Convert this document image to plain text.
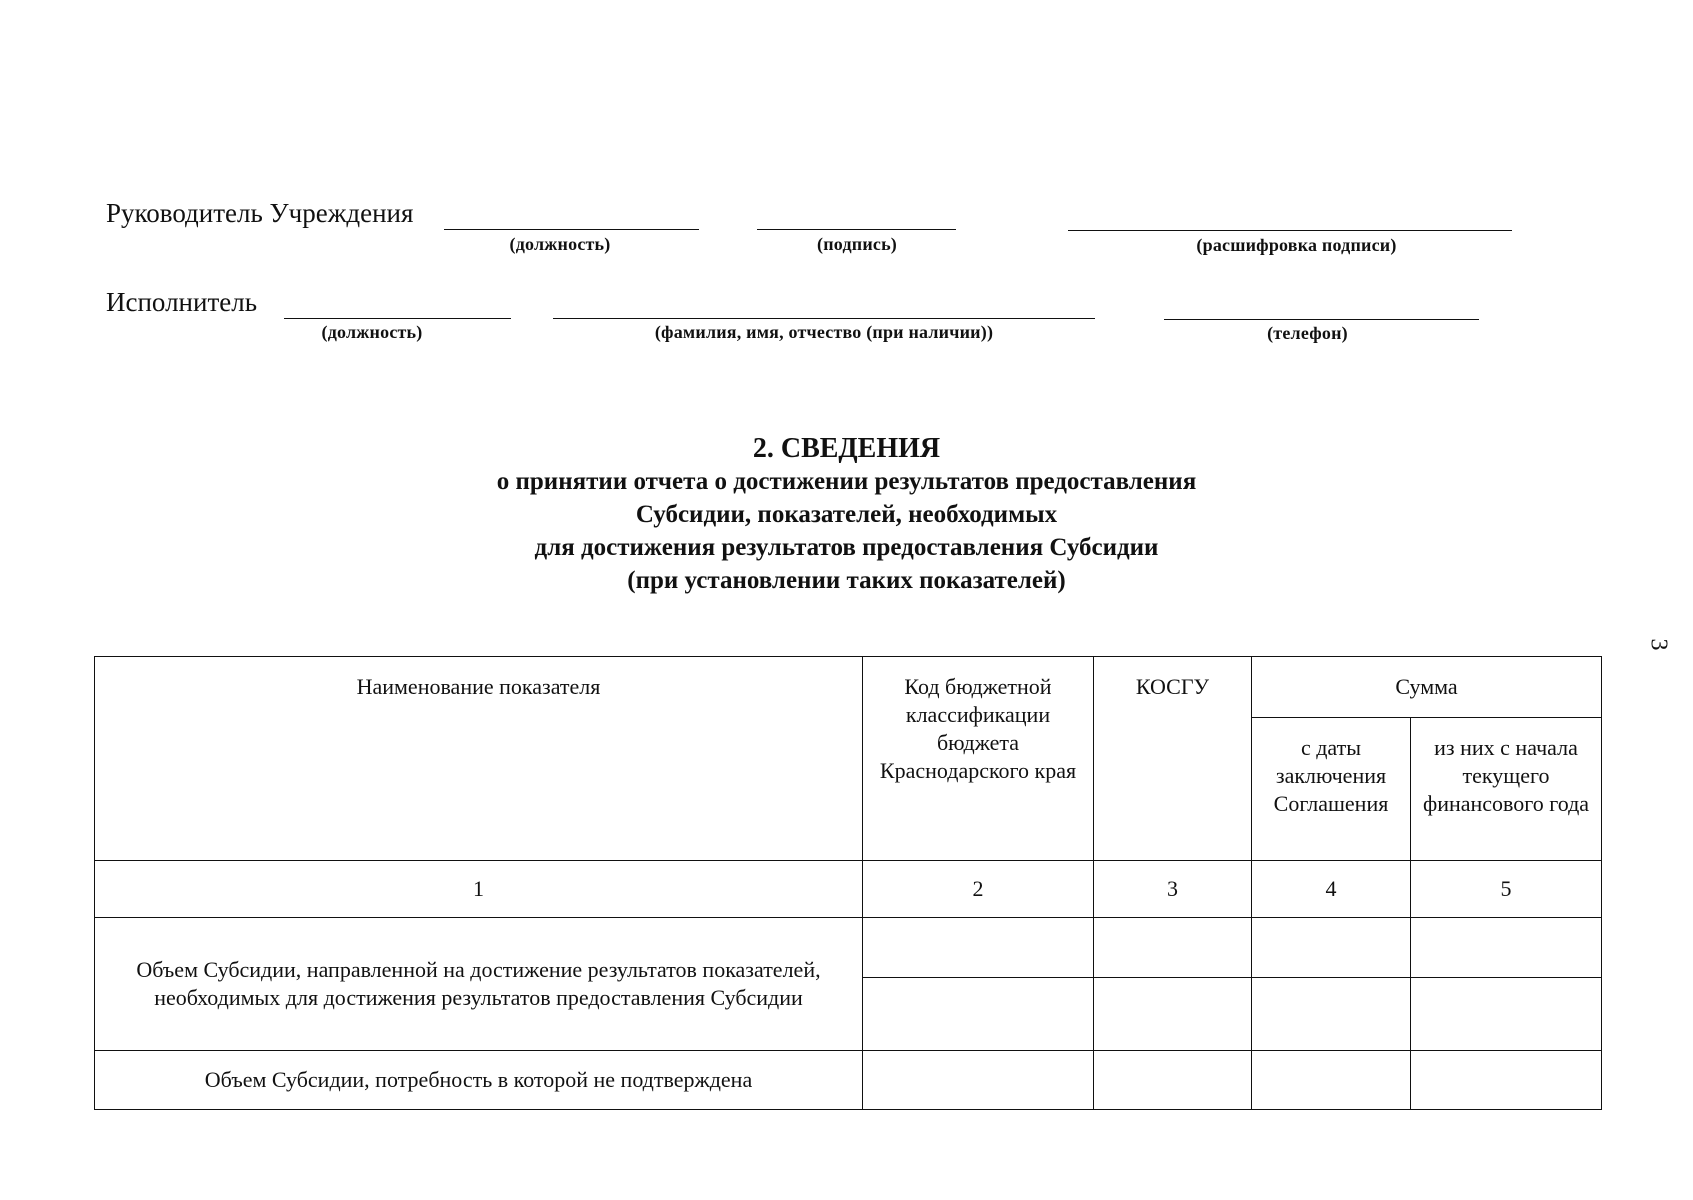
Руководитель Учреждения
(должность)	(подпись)	(расшифровка подписи)
Исполнитель
(должность)	(фамилия, имя, отчество (при наличии))	(телефон)
3
2. СВЕДЕНИЯ
о принятии отчета о достижении результатов предоставления
Субсидии, показателей, необходимых
для достижения результатов предоставления Субсидии
(при установлении таких показателей)
Наименование показателя	Код бюджетной классификации бюджета Краснодарского края	КОСГУ	Сумма	
			с даты заключения Соглашения	из них с начала текущего финансового года
1	2	3	4	5
Объем Субсидии, направленной на достижение результатов показателей, необходимых для достижения результатов предоставления Субсидии				

Объем Субсидии, потребность в которой не подтверждена				
